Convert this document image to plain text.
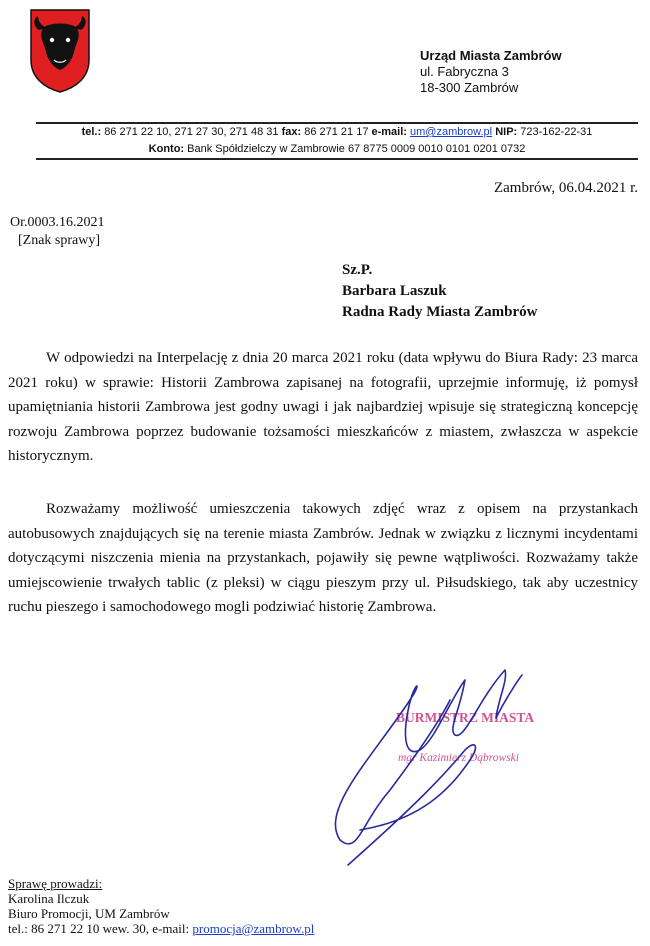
Urząd Miasta Zambrów
ul. Fabryczna 3
18-300 Zambrów
tel.: 86 271 22 10, 271 27 30, 271 48 31 fax: 86 271 21 17 e-mail: um@zambrow.pl NIP: 723-162-22-31
Konto: Bank Spółdzielczy w Zambrowie 67 8775 0009 0010 0101 0201 0732
Zambrów, 06.04.2021 r.
Or.0003.16.2021
[Znak sprawy]
Sz.P.
Barbara Laszuk
Radna Rady Miasta Zambrów

W odpowiedzi na Interpelację z dnia 20 marca 2021 roku (data wpływu do Biura Rady: 23 marca 2021 roku) w sprawie: Historii Zambrowa zapisanej na fotografii, uprzejmie informuję, iż pomysł upamiętniania historii Zambrowa jest godny uwagi i jak najbardziej wpisuje się strategiczną koncepcję rozwoju Zambrowa poprzez budowanie tożsamości mieszkańców z miastem, zwłaszcza w aspekcie historycznym.

Rozważamy możliwość umieszczenia takowych zdjęć wraz z opisem na przystankach autobusowych znajdujących się na terenie miasta Zambrów. Jednak w związku z licznymi incydentami dotyczącymi niszczenia mienia na przystankach, pojawiły się pewne wątpliwości. Rozważamy także umiejscowienie trwałych tablic (z pleksi) w ciągu pieszym przy ul. Piłsudskiego, tak aby uczestnicy ruchu pieszego i samochodowego mogli podziwiać historię Zambrowa.

BURMISTRZ MIASTA
mgr Kazimierz Dąbrowski
Sprawę prowadzi:
Karolina Ilczuk
Biuro Promocji, UM Zambrów
tel.: 86 271 22 10 wew. 30, e-mail: promocja@zambrow.pl
